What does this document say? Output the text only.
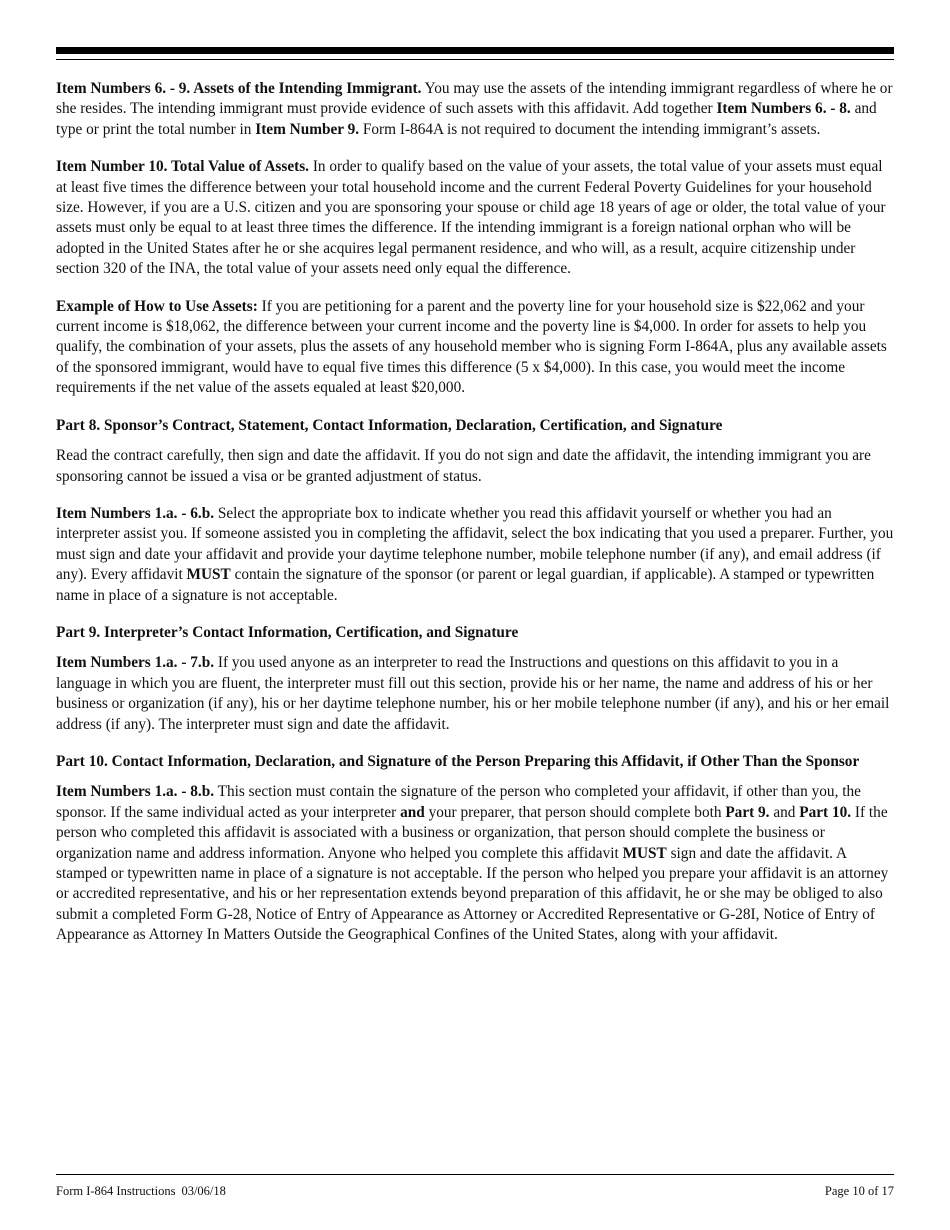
Item Numbers 6. - 9. Assets of the Intending Immigrant. You may use the assets of the intending immigrant regardless of where he or she resides. The intending immigrant must provide evidence of such assets with this affidavit. Add together Item Numbers 6. - 8. and type or print the total number in Item Number 9. Form I-864A is not required to document the intending immigrant’s assets.

Item Number 10. Total Value of Assets. In order to qualify based on the value of your assets, the total value of your assets must equal at least five times the difference between your total household income and the current Federal Poverty Guidelines for your household size. However, if you are a U.S. citizen and you are sponsoring your spouse or child age 18 years of age or older, the total value of your assets must only be equal to at least three times the difference. If the intending immigrant is a foreign national orphan who will be adopted in the United States after he or she acquires legal permanent residence, and who will, as a result, acquire citizenship under section 320 of the INA, the total value of your assets need only equal the difference.

Example of How to Use Assets: If you are petitioning for a parent and the poverty line for your household size is $22,062 and your current income is $18,062, the difference between your current income and the poverty line is $4,000. In order for assets to help you qualify, the combination of your assets, plus the assets of any household member who is signing Form I-864A, plus any available assets of the sponsored immigrant, would have to equal five times this difference (5 x $4,000). In this case, you would meet the income requirements if the net value of the assets equaled at least $20,000.

Part 8. Sponsor’s Contract, Statement, Contact Information, Declaration, Certification, and Signature

Read the contract carefully, then sign and date the affidavit. If you do not sign and date the affidavit, the intending immigrant you are sponsoring cannot be issued a visa or be granted adjustment of status.

Item Numbers 1.a. - 6.b. Select the appropriate box to indicate whether you read this affidavit yourself or whether you had an interpreter assist you. If someone assisted you in completing the affidavit, select the box indicating that you used a preparer. Further, you must sign and date your affidavit and provide your daytime telephone number, mobile telephone number (if any), and email address (if any). Every affidavit MUST contain the signature of the sponsor (or parent or legal guardian, if applicable). A stamped or typewritten name in place of a signature is not acceptable.

Part 9. Interpreter’s Contact Information, Certification, and Signature

Item Numbers 1.a. - 7.b. If you used anyone as an interpreter to read the Instructions and questions on this affidavit to you in a language in which you are fluent, the interpreter must fill out this section, provide his or her name, the name and address of his or her business or organization (if any), his or her daytime telephone number, his or her mobile telephone number (if any), and his or her email address (if any). The interpreter must sign and date the affidavit.

Part 10. Contact Information, Declaration, and Signature of the Person Preparing this Affidavit, if Other Than the Sponsor

Item Numbers 1.a. - 8.b. This section must contain the signature of the person who completed your affidavit, if other than you, the sponsor. If the same individual acted as your interpreter and your preparer, that person should complete both Part 9. and Part 10. If the person who completed this affidavit is associated with a business or organization, that person should complete the business or organization name and address information. Anyone who helped you complete this affidavit MUST sign and date the affidavit. A stamped or typewritten name in place of a signature is not acceptable. If the person who helped you prepare your affidavit is an attorney or accredited representative, and his or her representation extends beyond preparation of this affidavit, he or she may be obliged to also submit a completed Form G-28, Notice of Entry of Appearance as Attorney or Accredited Representative or G-28I, Notice of Entry of Appearance as Attorney In Matters Outside the Geographical Confines of the United States, along with your affidavit.

Form I-864 Instructions 03/06/18	Page 10 of 17
